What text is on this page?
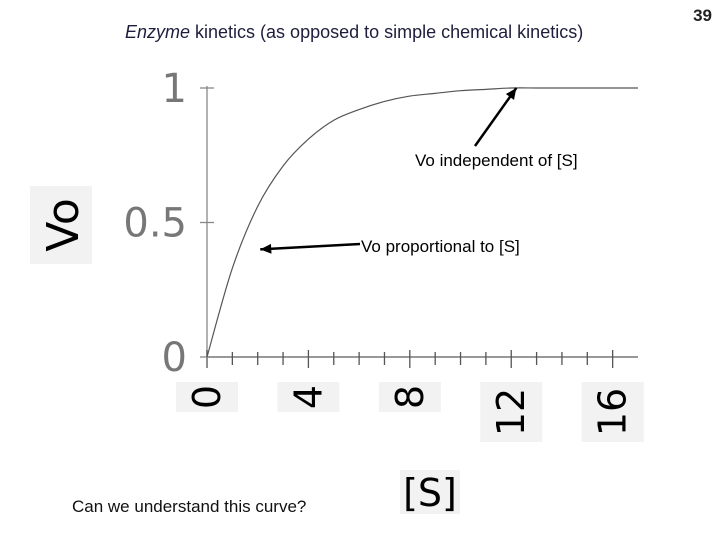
Enzyme kinetics (as opposed to simple chemical kinetics)
39
Can we understand this curve?
0
0.5
1
0 4 8 12 16
Vo
[S]
Vo independent of [S]
Vo proportional to [S]
